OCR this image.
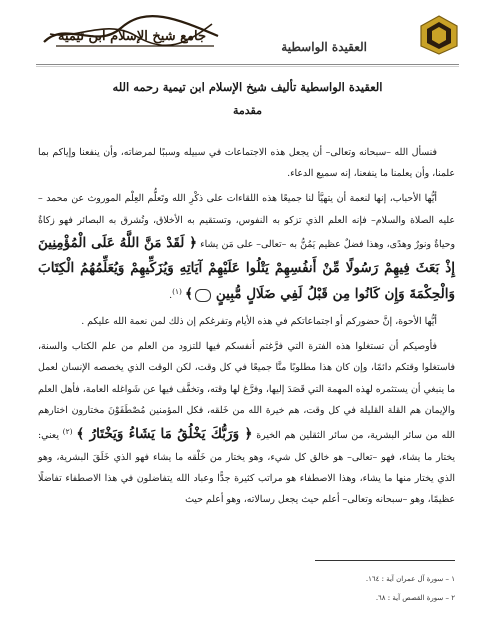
جامع شيخ الإسلام ابن تيمية
العقيدة الواسطية
العقيدة الواسطية تأليف شيخ الإسلام ابن تيمية رحمه الله
مقدمة

فنسأل الله –سبحانه وتعالى– أن يجعل هذه الاجتماعات في سبيله وسببًا لمرضاته، وأن ينفعنا وإياكم بما علمنا، وأن يعلمنا ما ينفعنا، إنه سميع الدعاء.

أيُّها الأحباب، إنها لنعمة أن يتهيَّأ لنا جميعًا هذه اللقاءات على ذكْرِ الله وتَعلُّم العِلْم الموروث عن محمد –عليه الصلاة والسلام– فإنه العلم الذي تزكو به النفوس، وتستقيم به الأخلاق، وتُشرق به البصائر فهو زكاةٌ وحياةٌ ونورٌ وهدًى، وهذا فضلٌ عظيم يَمُنُّ به –تعالى– على مَن يشاء ﴿ لَقَدْ مَنَّ اللَّهُ عَلَى الْمُؤْمِنِينَ إِذْ بَعَثَ فِيهِمْ رَسُولًا مِّنْ أَنفُسِهِمْ يَتْلُوا عَلَيْهِمْ آيَاتِهِ وَيُزَكِّيهِمْ وَيُعَلِّمُهُمُ الْكِتَابَ وَالْحِكْمَةَ وَإِن كَانُوا مِن قَبْلُ لَفِي ضَلَالٍ مُّبِينٍ ﴾ $^{(١)}$.

أيُّها الأحوة، إنَّ حضوركم أو اجتماعاتكم في هذه الأيام وتفرغكم إن ذلك لمن نعمة الله عليكم .

فأوصيكم أن تستغلوا هذه الفترة التي فرَّغتم أنفسكم فيها للتزود من العلم من علم الكتاب والسنة، فاستغلوا وقتكم دائمًا، وإن كان هذا مطلوبًا منَّا جميعًا في كل وقت، لكن الوقت الذي يخصصه الإنسان لعمل ما ينبغي أن يستثمره لهذه المهمة التي قَصَدَ إليها، وفرَّغ لها وقته، وتخفَّف فيها عن شَواغله العامة، فأهل العلم والإيمان هم القلة القليلة في كل وقت، هم خيرة الله من خَلقه، فكل المؤمنين مُصْطَفَوْنَ مختارون اختارهم الله من سائر البشرية، من سائر الثقلين هم الخيرة ﴿ وَرَبُّكَ يَخْلُقُ مَا يَشَاءُ وَيَخْتَارُ ﴾ $^{(٢)}$ يعني: يختار ما يشاء، فهو –تعالى– هو خالق كل شيء، وهو يختار من خَلْقه ما يشاء فهو الذي خَلَقَ البشرية، وهو الذي يختار منها ما يشاء، وهذا الاصطفاء هو مراتب كثيرة جدًّا وعباد الله يتفاضلون في هذا الاصطفاء تفاضلًا عظيمًا، وهو –سبحانه وتعالى– أعلم حيث يجعل رسالاته، وهو أعلم حيث

١ – سورة آل عمران آية : ١٦٤.
٢ – سورة القصص آية : ٦٨.
